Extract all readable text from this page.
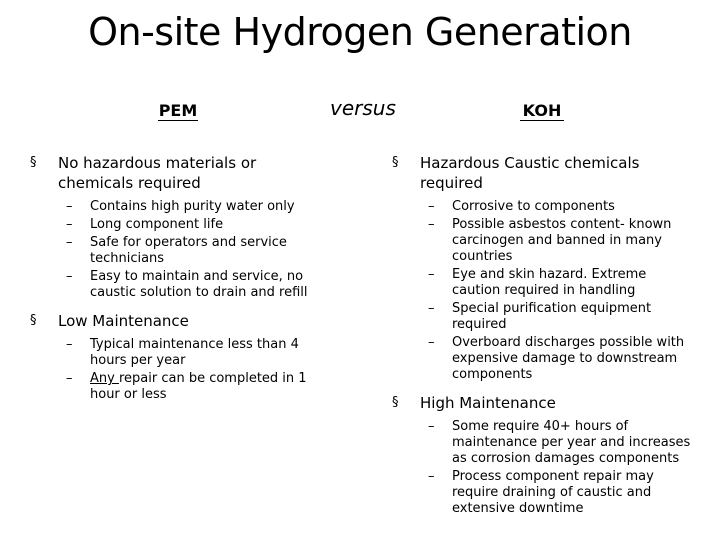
On-site Hydrogen Generation
PEM	versus	KOH
§ No hazardous materials or chemicals required
– Contains high purity water only
– Long component life
– Safe for operators and service technicians
– Easy to maintain and service, no caustic solution to drain and refill
§ Low Maintenance
– Typical maintenance less than 4 hours per year
– Any repair can be completed in 1 hour or less
§ Hazardous Caustic chemicals required
– Corrosive to components
– Possible asbestos content- known carcinogen and banned in many countries
– Eye and skin hazard. Extreme caution required in handling
– Special purification equipment required
– Overboard discharges possible with expensive damage to downstream components
§ High Maintenance
– Some require 40+ hours of maintenance per year and increases as corrosion damages components
– Process component repair may require draining of caustic and extensive downtime
